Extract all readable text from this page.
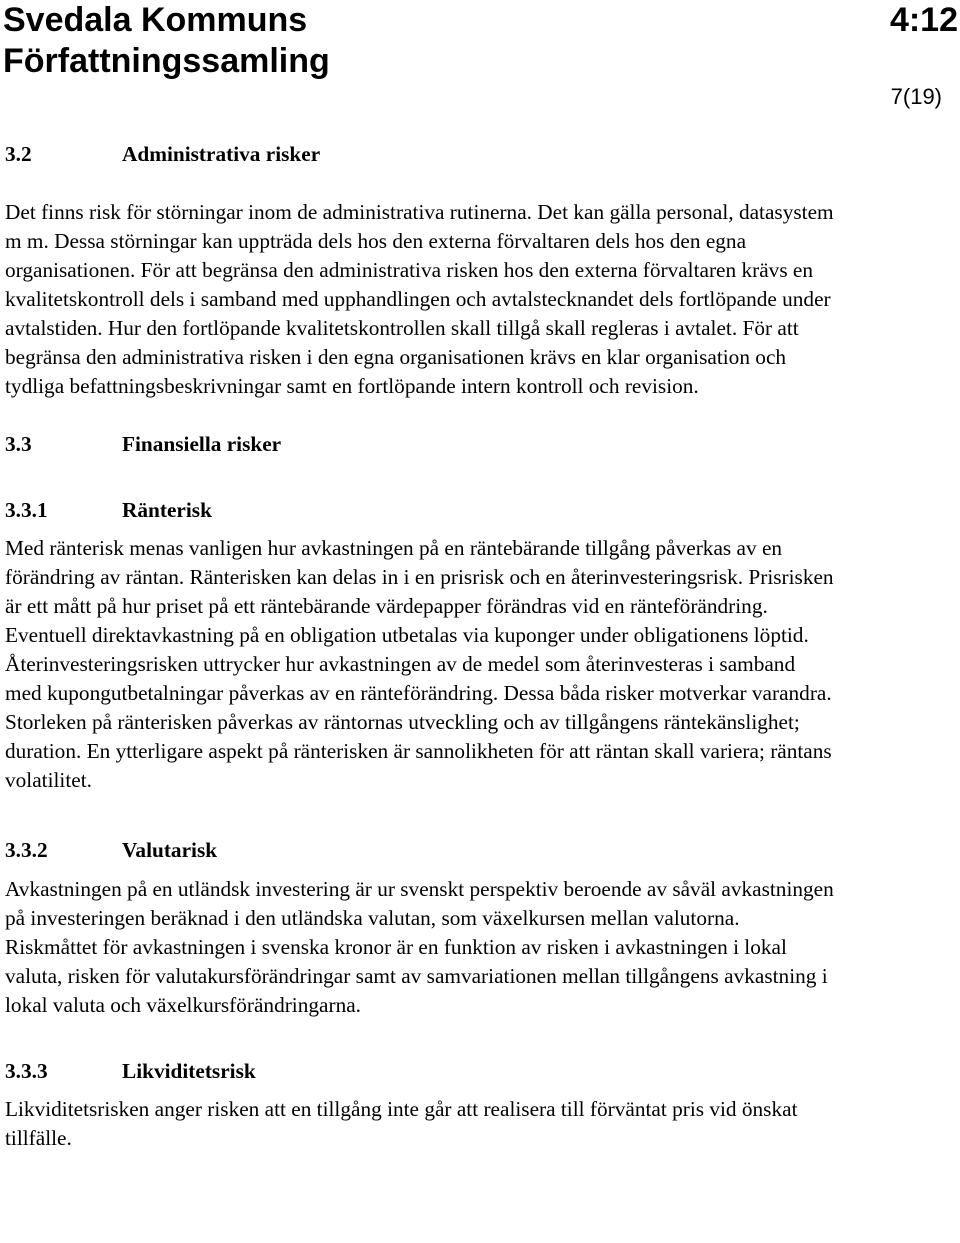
Svedala Kommuns
Författningssamling
4:12
7(19)
3.2	Administrativa risker

Det finns risk för störningar inom de administrativa rutinerna. Det kan gälla personal, datasystem m m. Dessa störningar kan uppträda dels hos den externa förvaltaren dels hos den egna organisationen. För att begränsa den administrativa risken hos den externa förvaltaren krävs en kvalitetskontroll dels i samband med upphandlingen och avtalstecknandet dels fortlöpande under avtalstiden. Hur den fortlöpande kvalitetskontrollen skall tillgå skall regleras i avtalet. För att begränsa den administrativa risken i den egna organisationen krävs en klar organisation och tydliga befattningsbeskrivningar samt en fortlöpande intern kontroll och revision.

3.3	Finansiella risker
3.3.1	Ränterisk

Med ränterisk menas vanligen hur avkastningen på en räntebärande tillgång påverkas av en förändring av räntan. Ränterisken kan delas in i en prisrisk och en återinvesteringsrisk. Prisrisken är ett mått på hur priset på ett räntebärande värdepapper förändras vid en ränteförändring. Eventuell direktavkastning på en obligation utbetalas via kuponger under obligationens löptid. Återinvesteringsrisken uttrycker hur avkastningen av de medel som återinvesteras i samband med kupongutbetalningar påverkas av en ränteförändring. Dessa båda risker motverkar varandra. Storleken på ränterisken påverkas av räntornas utveckling och av tillgångens räntekänslighet; duration. En ytterligare aspekt på ränterisken är sannolikheten för att räntan skall variera; räntans volatilitet.

3.3.2	Valutarisk

Avkastningen på en utländsk investering är ur svenskt perspektiv beroende av såväl avkastningen på investeringen beräknad i den utländska valutan, som växelkursen mellan valutorna. Riskmåttet för avkastningen i svenska kronor är en funktion av risken i avkastningen i lokal valuta, risken för valutakursförändringar samt av samvariationen mellan tillgångens avkastning i lokal valuta och växelkursförändringarna.

3.3.3	Likviditetsrisk

Likviditetsrisken anger risken att en tillgång inte går att realisera till förväntat pris vid önskat tillfälle.
